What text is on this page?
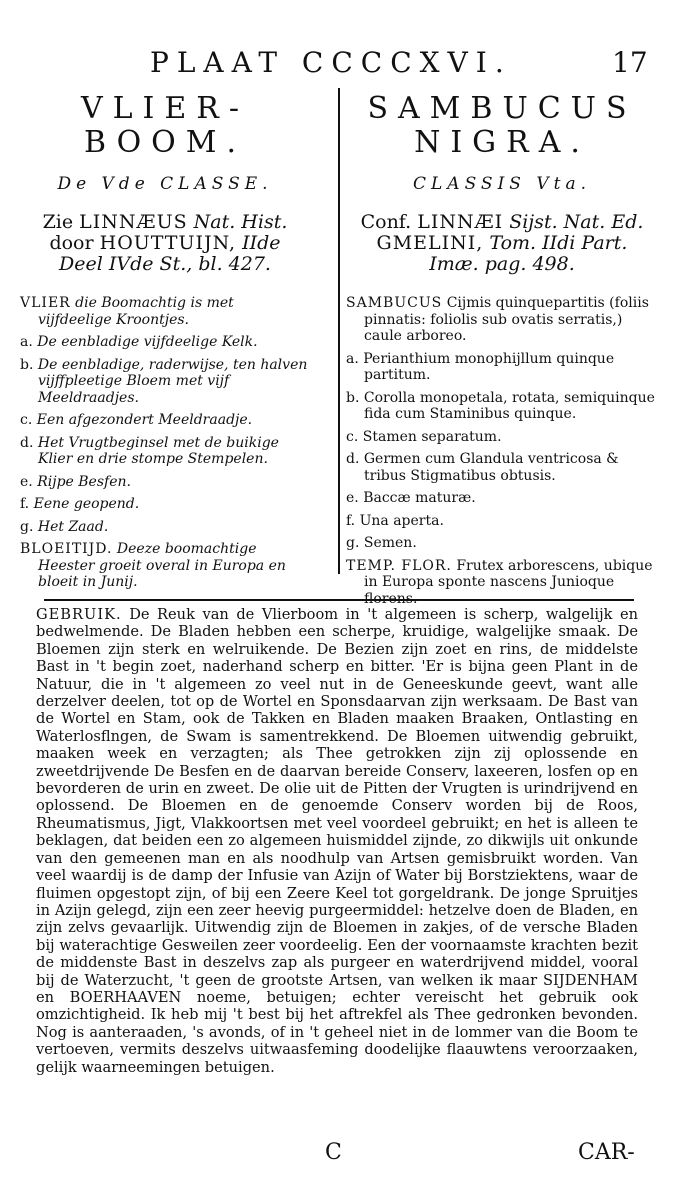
PLAAT CCCCXVI.	17
VLIER-
BOOM.
De Vde CLASSE.
Zie LINNÆUS Nat. Hist.
door HOUTTUIJN, IIde
Deel IVde St., bl. 427.

VLIER die Boomachtig is met vijfdeelige Kroontjes.

a. De eenbladige vijfdeelige Kelk.

b. De eenbladige, raderwijse, ten halven vijffpleetige Bloem met vijf Meeldraadjes.

c. Een afgezondert Meeldraadje.

d. Het Vrugtbeginsel met de buikige Klier en drie stompe Stempelen.

e. Rijpe Besfen.

f. Eene geopend.

g. Het Zaad.

BLOEITIJD. Deeze boomachtige Heester groeit overal in Europa en bloeit in Junij.

SAMBUCUS
NIGRA.
CLASSIS Vta.
Conf. LINNÆI Sijst. Nat. Ed.
GMELINI, Tom. IIdi Part.
Imæ. pag. 498.

SAMBUCUS Cijmis quinquepartitis (foliis pinnatis: foliolis sub ovatis serratis,) caule arboreo.

a. Perianthium monophijllum quinque partitum.

b. Corolla monopetala, rotata, semiquinque fida cum Staminibus quinque.

c. Stamen separatum.

d. Germen cum Glandula ventricosa & tribus Stigmatibus obtusis.

e. Baccæ maturæ.

f. Una aperta.

g. Semen.

TEMP. FLOR. Frutex arborescens, ubique in Europa sponte nascens Junioque

GEBRUIK. De Reuk van de Vlierboom in 't algemeen is scherp, walgelijk en bedwelmende. De Bladen hebben een scherpe, kruidige, walgelijke smaak. De Bloemen zijn sterk en welruikende. De Bezien zijn zoet en rins, de middelste Bast in 't begin zoet, naderhand scherp en bitter. 'Er is bijna geen Plant in de Natuur, die in 't algemeen zo veel nut in de Geneeskunde geevt, want alle derzelver deelen, tot op de Wortel en Sponsdaarvan zijn werksaam. De Bast van de Wortel en Stam, ook de Takken en Bladen maaken Braaken, Ontlasting en Waterlosflngen, de Swam is samentrekkend. De Bloemen uitwendig gebruikt, maaken week en verzagten; als Thee getrokken zijn zij oplossende en zweetdrijvende De Besfen en de daarvan bereide Conserv, laxeeren, losfen op en bevorderen de urin en zweet. De olie uit de Pitten der Vrugten is urindrijvend en oplossend. De Bloemen en de genoemde Conserv worden bij de Roos, Rheumatismus, Jigt, Vlakkoortsen met veel voordeel gebruikt; en het is alleen te beklagen, dat beiden een zo algemeen huismiddel zijnde, zo dikwijls uit onkunde van den gemeenen man en als noodhulp van Artsen gemisbruikt worden. Van veel waardij is de damp der Infusie van Azijn of Water bij Borstziektens, waar de fluimen opgestopt zijn, of bij een Zeere Keel tot gorgeldrank. De jonge Spruitjes in Azijn gelegd, zijn een zeer heevig purgeermiddel: hetzelve doen de Bladen, en zijn zelvs gevaarlijk. Uitwendig zijn de Bloemen in zakjes, of de versche Bladen bij waterachtige Gesweilen zeer voordeelig. Een der voornaamste krachten bezit de middenste Bast in deszelvs zap als purgeer en waterdrijvend middel, vooral bij de Waterzucht, 't geen de grootste Artsen, van welken ik maar SIJDENHAM en BOERHAAVEN noeme, betuigen; echter vereischt het gebruik ook omzichtigheid. Ik heb mij 't best bij het aftrekfel als Thee gedronken bevonden. Nog is aanteraaden, 's avonds, of in 't geheel niet in de lommer van die Boom te vertoeven, vermits deszelvs uitwaasfeming doodelijke flaauwtens veroorzaaken, gelijk waarneemingen betuigen.
C	CAR-
